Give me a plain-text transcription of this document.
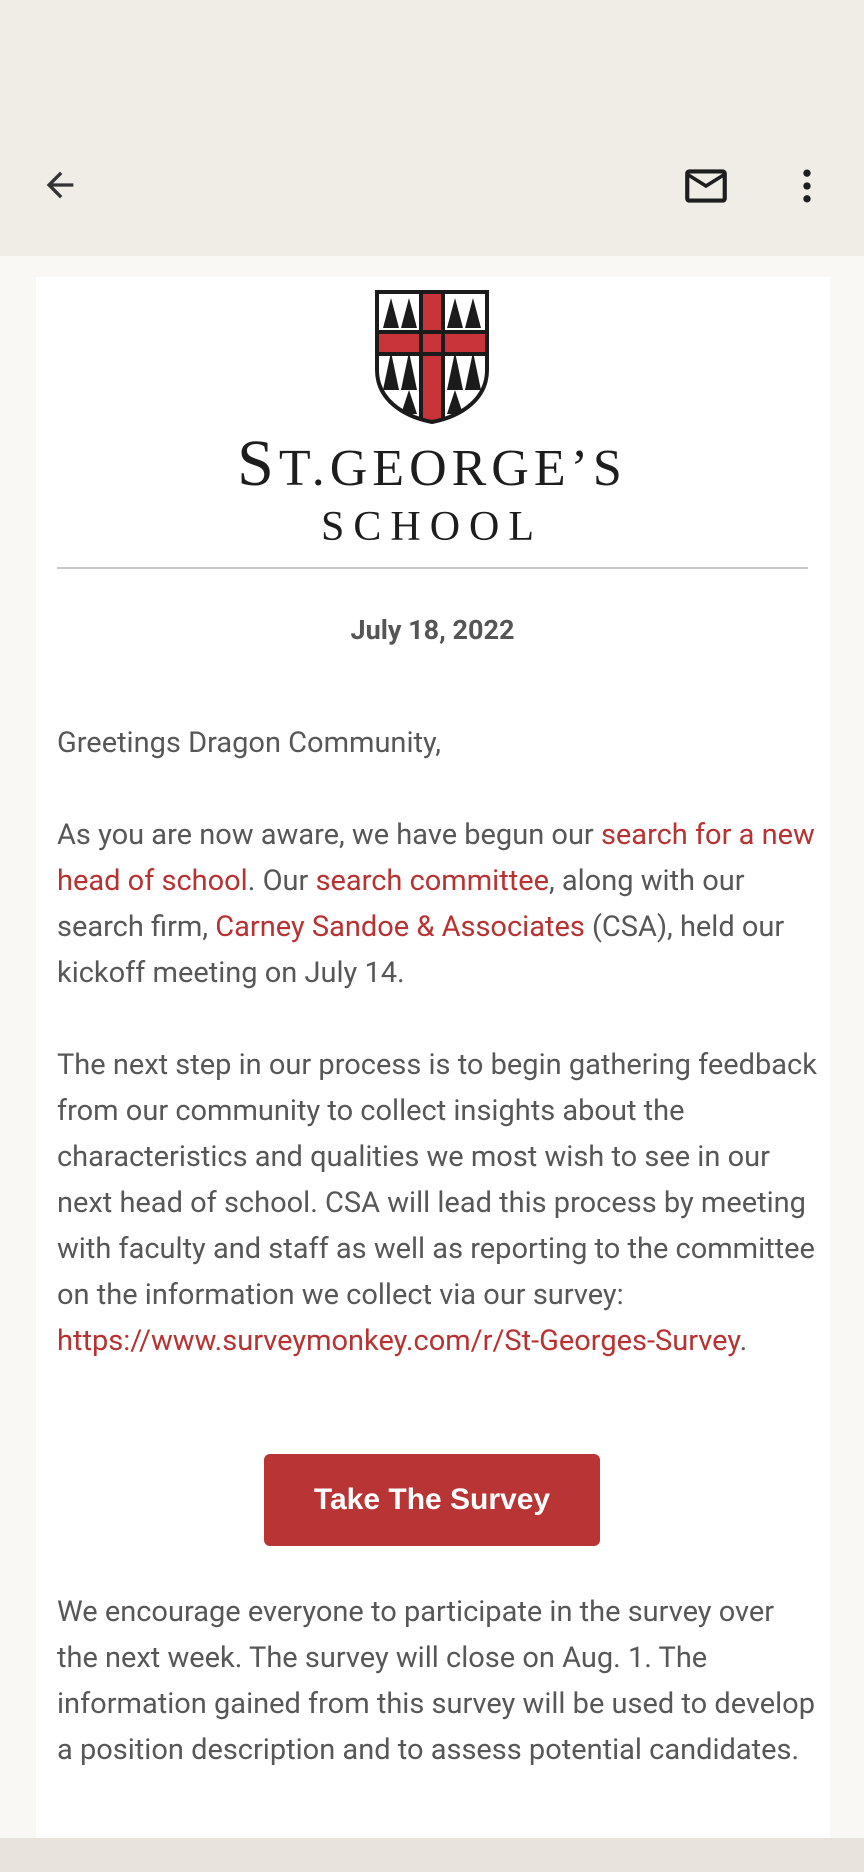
ST.GEORGE’S
SCHOOL
July 18, 2022
Greetings Dragon Community,
As you are now aware, we have begun our search for a new head of school. Our search committee, along with our search firm, Carney Sandoe & Associates (CSA), held our kickoff meeting on July 14.
The next step in our process is to begin gathering feedback from our community to collect insights about the characteristics and qualities we most wish to see in our next head of school. CSA will lead this process by meeting with faculty and staff as well as reporting to the committee on the information we collect via our survey:  https://www.surveymonkey.com/r/St-Georges-Survey.
Take The Survey
We encourage everyone to participate in the survey over the next week. The survey will close on Aug. 1. The information gained from this survey will be used to develop a position description and to assess potential candidates.
